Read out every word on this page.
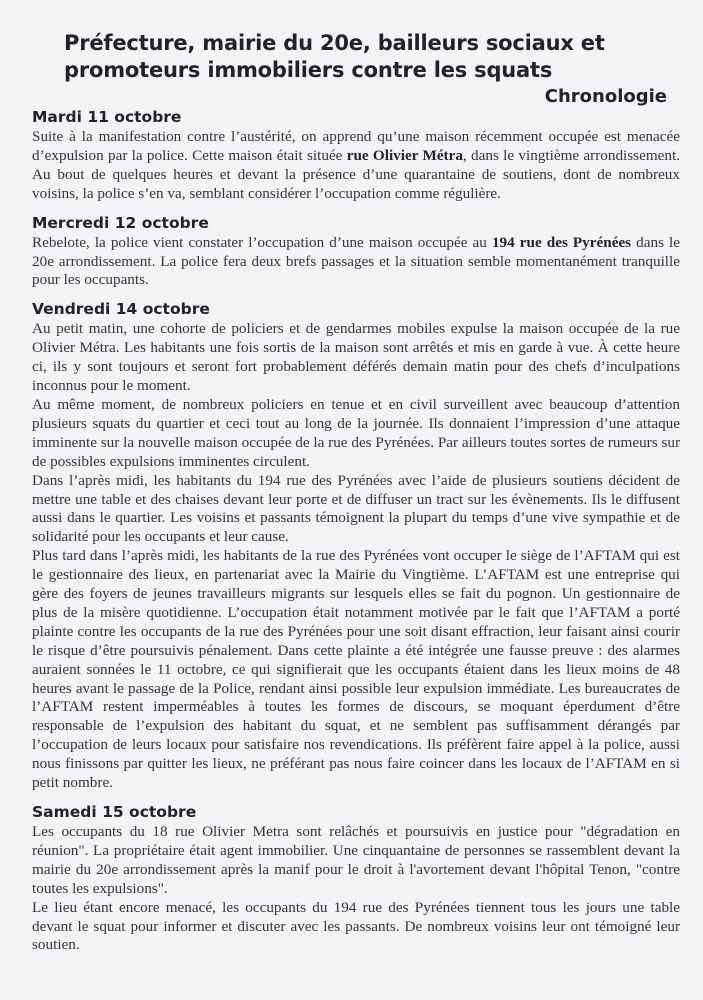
Préfecture, mairie du 20e, bailleurs sociaux et promoteurs immobiliers contre les squats
Chronologie
Mardi 11 octobre

Suite à la manifestation contre l’austérité, on apprend qu’une maison récemment occupée est menacée d’expulsion par la police. Cette maison était située rue Olivier Métra, dans le vingtième arrondissement. Au bout de quelques heures et devant la présence d’une quarantaine de soutiens, dont de nombreux voisins, la police s’en va, semblant considérer l’occupation comme régulière.

Mercredi 12 octobre

Rebelote, la police vient constater l’occupation d’une maison occupée au 194 rue des Pyrénées dans le 20e arrondissement. La police fera deux brefs passages et la situation semble momentanément tranquille pour les occupants.

Vendredi 14 octobre

Au petit matin, une cohorte de policiers et de gendarmes mobiles expulse la maison occupée de la rue Olivier Métra. Les habitants une fois sortis de la maison sont arrêtés et mis en garde à vue. À cette heure ci, ils y sont toujours et seront fort probablement déférés demain matin pour des chefs d’inculpations inconnus pour le moment.

Au même moment, de nombreux policiers en tenue et en civil surveillent avec beaucoup d’attention plusieurs squats du quartier et ceci tout au long de la journée. Ils donnaient l’impression d’une attaque imminente sur la nouvelle maison occupée de la rue des Pyrénées. Par ailleurs toutes sortes de rumeurs sur de possibles expulsions imminentes circulent.

Dans l’après midi, les habitants du 194 rue des Pyrénées avec l’aide de plusieurs soutiens décident de mettre une table et des chaises devant leur porte et de diffuser un tract sur les évènements. Ils le diffusent aussi dans le quartier. Les voisins et passants témoignent la plupart du temps d’une vive sympathie et de solidarité pour les occupants et leur cause.

Plus tard dans l’après midi, les habitants de la rue des Pyrénées vont occuper le siège de l’AFTAM qui est le gestionnaire des lieux, en partenariat avec la Mairie du Vingtième. L’AFTAM est une entreprise qui gère des foyers de jeunes travailleurs migrants sur lesquels elles se fait du pognon. Un gestionnaire de plus de la misère quotidienne. L’occupation était notamment motivée par le fait que l’AFTAM a porté plainte contre les occupants de la rue des Pyrénées pour une soit disant effraction, leur faisant ainsi courir le risque d’être poursuivis pénalement. Dans cette plainte a été intégrée une fausse preuve : des alarmes auraient sonnées le 11 octobre, ce qui signifierait que les occupants étaient dans les lieux moins de 48 heures avant le passage de la Police, rendant ainsi possible leur expulsion immédiate. Les bureaucrates de l’AFTAM restent imperméables à toutes les formes de discours, se moquant éperdument d’être responsable de l’expulsion des habitant du squat, et ne semblent pas suffisamment dérangés par l’occupation de leurs locaux pour satisfaire nos revendications. Ils préfèrent faire appel à la police, aussi nous finissons par quitter les lieux, ne préférant pas nous faire coincer dans les locaux de l’AFTAM en si petit nombre.

Samedi 15 octobre

Les occupants du 18 rue Olivier Metra sont relâchés et poursuivis en justice pour "dégradation en réunion". La propriétaire était agent immobilier. Une cinquantaine de personnes se rassemblent devant la mairie du 20e arrondissement après la manif pour le droit à l'avortement devant l'hôpital Tenon, "contre toutes les expulsions".

Le lieu étant encore menacé, les occupants du 194 rue des Pyrénées tiennent tous les jours une table devant le squat pour informer et discuter avec les passants. De nombreux voisins leur ont témoigné leur soutien.
